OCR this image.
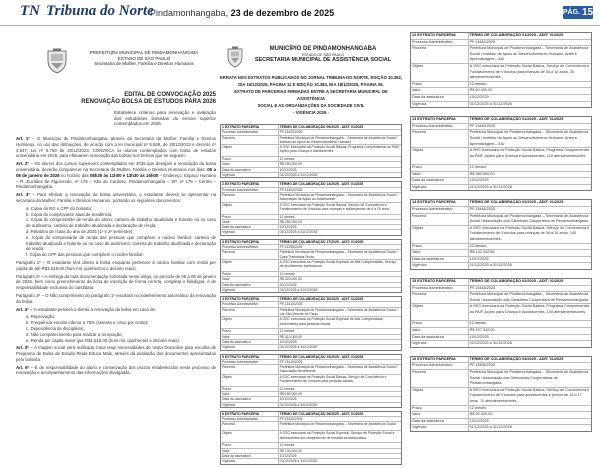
TN Tribuna do Norte
Pindamonhangaba, 23 de dezembro de 2025	PÁG. 15
PREFEITURA MUNICIPAL DE PINDAMONHANGABA
ESTADO DE SÃO PAULO
Secretaria de Mulher, Família e Direitos Humanos
EDITAL DE CONVOCAÇÃO 2025
RENOVAÇÃO BOLSA DE ESTUDOS PARA 2026
Estabelece critérios para renovação e avaliação dos estudantes bolsistas do ensino superior contemplados em 2025.

Art. 1º – O Município de Pindamonhangaba, através da Secretaria da Mulher, Família e Direitos Humanos, no uso das atribuições, de acordo com a lei municipal nº 5.569, de 28/12/2013 e decreto nº 4.947, Lei nº 6.760 de 20/12/2023, CONVOCA os alunos contemplados com bolsa de estudos universitária em 2025, para efetuarem renovação das bolsas nos termos que se seguem:

Art. 2º – Os alunos dos cursos superiores contemplados em 2025 que desejam a renovação da bolsa universitária, deverão comparecer na Secretaria da Mulher, Família e Direitos Humanos nos dias: 05 a 08 de janeiro de 2026 no horário das 08h30 às 11h00 e 13h30 às 16h00 – Endereço: Espaço Humano – R. Euclides de Figueiredo, nº 175 – Alto do Cardoso, Pindamonhangaba – SP, nº 178 – Centro – Pindamonhangaba.

Art. 3º – Para efetivar a renovação da bolsa universitária, o estudante deverá se apresentar na secretaria da Mulher, Família e Direitos Humanos, portando os seguintes documentos:

a. Cópia do RG e CPF do bolsista;
b. Cópia do comprovante atual de residência;
c. Cópia do comprovante de renda do aluno; carteira de trabalho atualizada e holerite ou no caso de autônomo, carteira de trabalho atualizada e declaração de renda;
d. Relatório de notas do ano de 2025 (1º e 2º semestre);
e. Cópia do comprovante de renda das pessoas que compõem o núcleo familiar: carteira de trabalho atualizada e holerite ou no caso de autônomo, carteira de trabalho atualizada e declaração de renda;

f. Cópia do CPF das pessoas que compõem o núcleo familiar.

Parágrafo 1º – O estudante terá direito à bolsa enquanto pertencer à núcleo familiar com renda per capita de até R$1.518,00 (hum mil, quinhentos e dezoito reais).

Parágrafo 2º – A entrega da toda documentação solicitada neste artigo, no período de 05 a 08 de janeiro de 2026, bem como preenchimento da ficha de inscrição de forma correta, completa e fidedigna, é de responsabilidade exclusiva do candidato.

Parágrafo 3º – O Não cumprimento do parágrafo 1º resultará no indeferimento automático da renovação da bolsa.

Art. 4º – O estudante perderá o direito à renovação da bolsa em caso de:

a. Reprovação;
b. Frequência escolar inferior a 75% (setenta e cinco por cento);
c. Dependência de disciplinas;
d. Não comparecimento para realizar a renovação;

e. Renda per capita maior que R$1.518,00 (hum mil, quinhentos e dezoito reais).

Art. 5º – A triagem social será realizada Casa Hapi Necessidades de Visita Domiciliar para escolha de Programa de Bolsa de Estudo Pinda Educa Mais, através da avaliação dos documentos apresentados pelo bolsista.

Art. 6º – É de responsabilidade do aluno e conservação dos prazos estabelecidos neste processo de renovação e acompanhamento das informações divulgadas.

MUNICÍPIO DE PINDAMONHANGABA
ESTADO DE SÃO PAULO
SECRETARIA MUNICIPAL DE ASSISTÊNCIA SOCIAL
ERRATA NOS EXTRATOS PUBLICADOS NO JORNAL TRIBUNA DO NORTE, EDIÇÃO 10.382,
DIA 16/12/2025, PÁGINA 11 E EDIÇÃO 10.384, DIA 18/12/2025, PÁGINA 06.
EXTRATO DE PARCERIAS FIRMADAS ENTRE A SECRETARIA MUNICIPAL DE ASSISTÊNCIA
SOCIAL E AS ORGANIZAÇÕES DA SOCIEDADE CIVIL
- VIGÊNCIA 2026 -
1 EXTRATO PARCERIA	TERMO DE COLABORAÇÃO 09/2025 - ADIT. 01/2025
Processo Administrativo	PF.13423/2025
Parceria	Prefeitura Municipal de Pindamonhangaba – Secretaria de Assistência Social / Instituto de Apoio ao Desenvolvimento Humano
Objeto	A OSC executará na Proteção Social Básica, Programa Complementar ao PAIF, Ações para Criança e Adolescentes
Prazo	12 meses
Valor	R$ 180.000,00
Data da assinatura	10/12/2025
Vigência	01/12/2025 a 31/12/2026
2 EXTRATO PARCERIA	TERMO DE COLABORAÇÃO 14/2025 - ADIT. 01/2025
Processo Administrativo	PF.13402/2025
Parceria	Prefeitura Municipal de Pindamonhangaba – Secretaria de Assistência Social / Associação de Apoio ao Adolescente
Objeto	A OSC executará na Proteção Social Básica, Serviço de Convivência e Fortalecimento de Vínculos para crianças e adolescentes de 6 a 15 anos
Prazo	12 meses
Valor	R$ 250.000,00
Data da assinatura	10/12/2025
Vigência	01/12/2025 a 31/12/2026
3 EXTRATO PARCERIA	TERMO DE COLABORAÇÃO 17/2025 - ADIT. 01/2025
Processo Administrativo	PF.13398/2025
Parceria	Prefeitura Municipal de Pindamonhangaba – Secretaria de Assistência Social / Casa Transitória Pinda
Objeto	A OSC executará na Proteção Social Especial de Alta Complexidade, Serviço de Acolhimento Institucional
Prazo	12 meses
Valor	R$ 320.000,00
Data da assinatura	10/12/2025
Vigência	01/12/2025 a 31/12/2026
4 EXTRATO PARCERIA	TERMO DE COLABORAÇÃO 20/2025 - ADIT. 01/2025
Processo Administrativo	PF.13410/2025
Parceria	Prefeitura Municipal de Pindamonhangaba – Secretaria de Assistência Social / Lar São Vicente de Paulo
Objeto	A OSC executará na Proteção Social Especial de Alta Complexidade, Acolhimento para pessoas idosas
Prazo	12 meses
Valor	R$ 410.000,00
Data da assinatura	10/12/2025
Vigência	01/12/2025 a 31/12/2026
5 EXTRATO PARCERIA	TERMO DE COLABORAÇÃO 23/2025 - ADIT. 01/2025
Processo Administrativo	PF.13415/2025
Parceria	Prefeitura Municipal de Pindamonhangaba – Secretaria de Assistência Social / Associação Beneficente
Objeto	A OSC executará na Proteção Social Básica, Serviço de Convivência e Fortalecimento de Vínculos para pessoas idosas
Prazo	12 meses
Valor	R$ 150.000,00
Data da assinatura	10/12/2025
Vigência	01/12/2025 a 31/12/2026
6 EXTRATO PARCERIA	TERMO DE COLABORAÇÃO 26/2025 - ADIT. 01/2025
Processo Administrativo	PF.13420/2025
Parceria	Prefeitura Municipal de Pindamonhangaba – Secretaria de Assistência Social
Objeto	A OSC executará na Proteção Social Especial, Serviço de Proteção Social a adolescentes em cumprimento de medida socioeducativa
Prazo	12 meses
Valor	R$ 130.000,00
Data da assinatura	10/12/2025
Vigência	01/12/2025 a 31/12/2026
12 EXTRATO PARCERIA	TERMO DE COLABORAÇÃO 01/2025 - ADIT. 01/2025
Processo Administrativo	PF.13445/2025
Parceria	Prefeitura Municipal de Pindamonhangaba – Secretaria de Assistência Social / Instituto de Apoio ao Desenvolvimento Humano, Artes e Aprendizagem – AIU
Objeto	A OSC executará na Proteção Social Básica, Serviço de Convivência e Fortalecimento de Vínculos para crianças de 06 a 15 anos, 30 atendimentos/mês.
Prazo	12 meses
Valor	R$ 60.000,00
Data da assinatura	10/12/2025
Vigência	01/12/2025 a 31/12/2026
13 EXTRATO PARCERIA	TERMO DE COLABORAÇÃO 01/2025 - ADIT. 01/2025
Processo Administrativo	PF.13445/2025
Parceria	Prefeitura Municipal de Pindamonhangaba – Secretaria de Assistência Social / Instituto de Apoio ao Desenvolvimento Humano, Artes e Aprendizagem – AIU
Objeto	A OSC executará na Proteção Social Básica, Programa Complementar ao PAIF, Ações para Criança e Adolescentes, 120 atendimentos/mês.
Prazo	12 meses
Valor	R$ 360.000,00
Data da assinatura	10/12/2025
Vigência	01/12/2025 a 31/12/2026
14 EXTRATO PARCERIA	TERMO DE COLABORAÇÃO 02/2025 - ADIT. 01/2025
Processo Administrativo	PF.13448/2025
Parceria	Prefeitura Municipal de Pindamonhangaba – Secretaria de Assistência Social / Associação dos Catadores Cooperativa de Pindamonhangaba
Objeto	A OSC executará na Proteção Social Básica, Serviço de Convivência e Fortalecimento de Vínculos para crianças de 06 a 15 anos, 100 atendimentos/mês.
Prazo	12 meses
Valor	R$ 142.342,96
Data da assinatura	10/12/2025
Vigência	01/12/2025 a 31/12/2026
15 EXTRATO PARCERIA	TERMO DE COLABORAÇÃO 02/2025 - ADIT. 01/2025
Processo Administrativo	PF.13448/2025
Parceria	Prefeitura Municipal de Pindamonhangaba – Secretaria de Assistência Social / Associação dos Catadores Cooperativa de Pindamonhangaba
Objeto	A OSC executará na Proteção Social Básica, Programa Complementar ao PAIF, Ações para Criança e Adolescentes, 100 atendimentos/mês.
Prazo	12 meses
Valor	R$ 107.342,00
Data da assinatura	10/12/2025
Vigência	01/12/2025 a 31/12/2026
16 EXTRATO PARCERIA	TERMO DE COLABORAÇÃO 03/2025 - ADIT. 01/2025
Processo Administrativo	PF.13466/2025
Parceria	Prefeitura Municipal de Pindamonhangaba – Secretaria de Assistência Social / Associação das Selecionas Cooperativas de Pindamonhangaba
Objeto	A OSC executará na Proteção Social Básica, Serviço de Convivência e Fortalecimento de Vínculos para adolescentes e jovens de 15 a 17 anos, 70 atendimentos/mês.
Prazo	12 meses
Valor	R$ 92.000,00
Data da assinatura	10/12/2025
Vigência	01/12/2025 a 31/12/2026
